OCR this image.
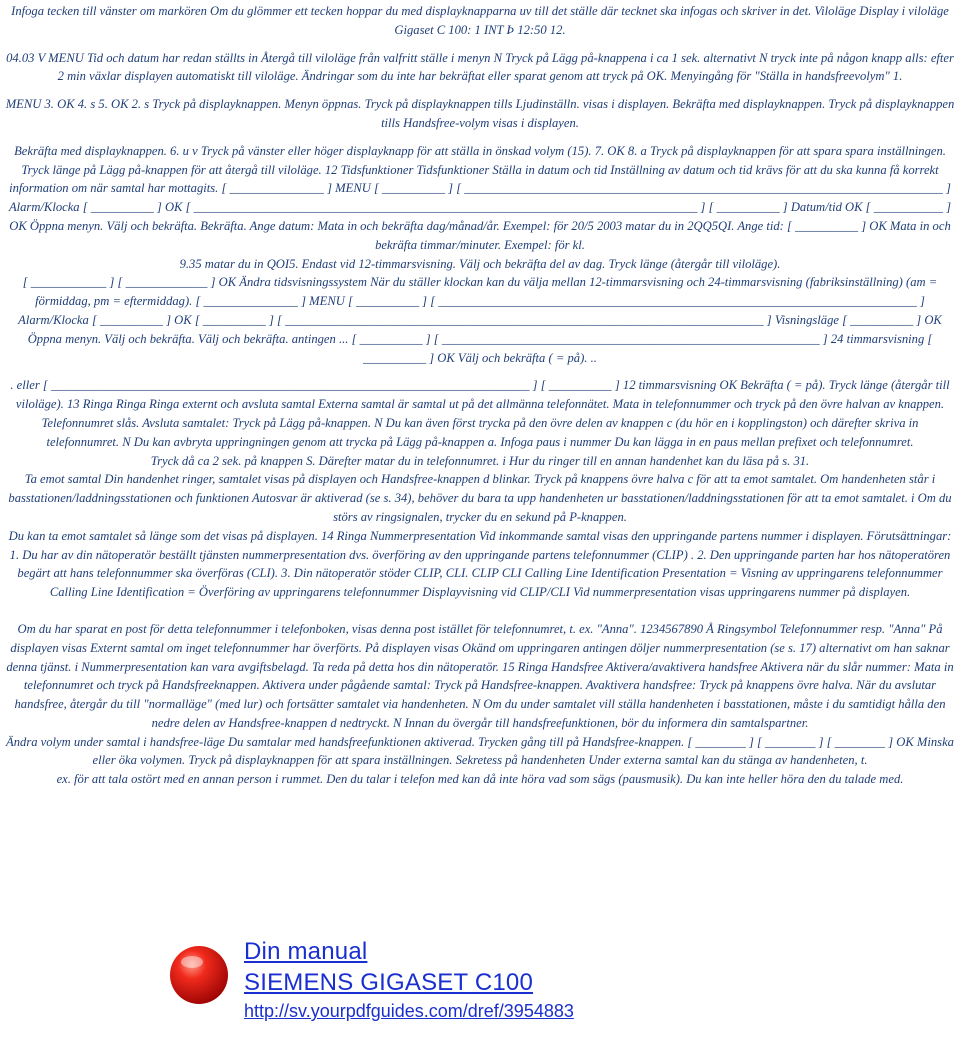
Infoga tecken till vänster om markören Om du glömmer ett tecken hoppar du med displayknapparna uv till det ställe där tecknet ska infogas och skriver in det. Viloläge Display i viloläge Gigaset C 100: 1 INT Þ 12:50 12.

04.03 V MENU Tid och datum har redan ställts in Återgå till viloläge från valfritt ställe i menyn N Tryck på Lägg på-knappena i ca 1 sek. alternativt N tryck inte på någon knapp alls: efter 2 min växlar displayen automatiskt till viloläge. Ändringar som du inte har bekräftat eller sparat genom att tryck på OK. Menyingång för "Ställa in handsfreevolym" 1.

MENU 3. OK 4. s 5. OK 2. s Tryck på displayknappen. Menyn öppnas. Tryck på displayknappen tills Ljudinställn. visas i displayen. Bekräfta med displayknappen. Tryck på displayknappen tills Handsfree-volym visas i displayen.

Bekräfta med displayknappen. 6. u v Tryck på vänster eller höger displayknapp för att ställa in önskad volym (15). 7. OK 8. a Tryck på displayknappen för att spara spara inställningen. Tryck länge på Lägg på-knappen för att återgå till viloläge. 12 Tidsfunktioner Tidsfunktioner Ställa in datum och tid Inställning av datum och tid krävs för att du ska kunna få korrekt information om när samtal har mottagits. [ _______________ ] MENU [ __________ ] [ ____________________________________________________________________________ ] Alarm/Klocka [ __________ ] OK [ ________________________________________________________________________________ ] [ __________ ] Datum/tid OK [ ___________ ] OK Öppna menyn. Välj och bekräfta. Bekräfta. Ange datum: Mata in och bekräfta dag/månad/år. Exempel: för 20/5 2003 matar du in 2QQ5QI. Ange tid: [ __________ ] OK Mata in och bekräfta timmar/minuter. Exempel: för kl.

9.35 matar du in QOI5. Endast vid 12-timmarsvisning. Välj och bekräfta del av dag. Tryck länge (återgår till viloläge).

[ ____________ ] [ _____________ ] OK Ändra tidsvisningssystem När du ställer klockan kan du välja mellan 12-timmarsvisning och 24-timmarsvisning (fabriksinställning) (am = förmiddag, pm = eftermiddag). [ _______________ ] MENU [ __________ ] [ ____________________________________________________________________________ ] Alarm/Klocka [ __________ ] OK [ __________ ] [ ____________________________________________________________________________ ] Visningsläge [ __________ ] OK Öppna menyn. Välj och bekräfta. Välj och bekräfta. antingen ... [ __________ ] [ ____________________________________________________________ ] 24 timmarsvisning [ __________ ] OK Välj och bekräfta ( = på). ..

. eller [ ____________________________________________________________________________ ] [ __________ ] 12 timmarsvisning OK Bekräfta ( = på). Tryck länge (återgår till viloläge). 13 Ringa Ringa Ringa externt och avsluta samtal Externa samtal är samtal ut på det allmänna telefonnätet. Mata in telefonnummer och tryck på den övre halvan av knappen. Telefonnumret slås. Avsluta samtalet: Tryck på Lägg på-knappen. N Du kan även först trycka på den övre delen av knappen c (du hör en i kopplingston) och därefter skriva in telefonnumret. N Du kan avbryta uppringningen genom att trycka på Lägg på-knappen a. Infoga paus i nummer Du kan lägga in en paus mellan prefixet och telefonnumret.

Tryck då ca 2 sek. på knappen S. Därefter matar du in telefonnumret. i Hur du ringer till en annan handenhet kan du läsa på s. 31.

Ta emot samtal Din handenhet ringer, samtalet visas på displayen och Handsfree-knappen d blinkar. Tryck på knappens övre halva c för att ta emot samtalet. Om handenheten står i basstationen/laddningsstationen och funktionen Autosvar är aktiverad (se s. 34), behöver du bara ta upp handenheten ur basstationen/laddningsstationen för att ta emot samtalet. i Om du störs av ringsignalen, trycker du en sekund på P-knappen.

Du kan ta emot samtalet så länge som det visas på displayen. 14 Ringa Nummerpresentation Vid inkommande samtal visas den uppringande partens nummer i displayen. Förutsättningar: 1. Du har av din nätoperatör beställt tjänsten nummerpresentation dvs. överföring av den uppringande partens telefonnummer (CLIP) . 2. Den uppringande parten har hos nätoperatören begärt att hans telefonnummer ska överföras (CLI). 3. Din nätoperatör stöder CLIP, CLI. CLIP CLI Calling Line Identification Presentation = Visning av uppringarens telefonnummer Calling Line Identification = Överföring av uppringarens telefonnummer Displayvisning vid CLIP/CLI Vid nummerpresentation visas uppringarens nummer på displayen.

Om du har sparat en post för detta telefonnummer i telefonboken, visas denna post istället för telefonnumret, t. ex. "Anna". 1234567890 Å Ringsymbol Telefonnummer resp. "Anna" På displayen visas Externt samtal om inget telefonnummer har överförts. På displayen visas Okänd om uppringaren antingen döljer nummerpresentation (se s. 17) alternativt om han saknar denna tjänst. i Nummerpresentation kan vara avgiftsbelagd. Ta reda på detta hos din nätoperatör. 15 Ringa Handsfree Aktivera/avaktivera handsfree Aktivera när du slår nummer: Mata in telefonnumret och tryck på Handsfreeknappen. Aktivera under pågående samtal: Tryck på Handsfree-knappen. Avaktivera handsfree: Tryck på knappens övre halva. När du avslutar handsfree, återgår du till "normalläge" (med lur) och fortsätter samtalet via handenheten. N Om du under samtalet vill ställa handenheten i basstationen, måste i du samtidigt hålla den nedre delen av Handsfree-knappen d nedtryckt. N Innan du övergår till handsfreefunktionen, bör du informera din samtalspartner.

Ändra volym under samtal i handsfree-läge Du samtalar med handsfreefunktionen aktiverad. Trycken gång till på Handsfree-knappen. [ ________ ] [ ________ ] [ ________ ] OK Minska eller öka volymen. Tryck på displayknappen för att spara inställningen. Sekretess på handenheten Under externa samtal kan du stänga av handenheten, t.

ex. för att tala ostört med en annan person i rummet. Den du talar i telefon med kan då inte höra vad som sägs (pausmusik). Du kan inte heller höra den du talade med.

Din manual
SIEMENS GIGASET C100
http://sv.yourpdfguides.com/dref/3954883
